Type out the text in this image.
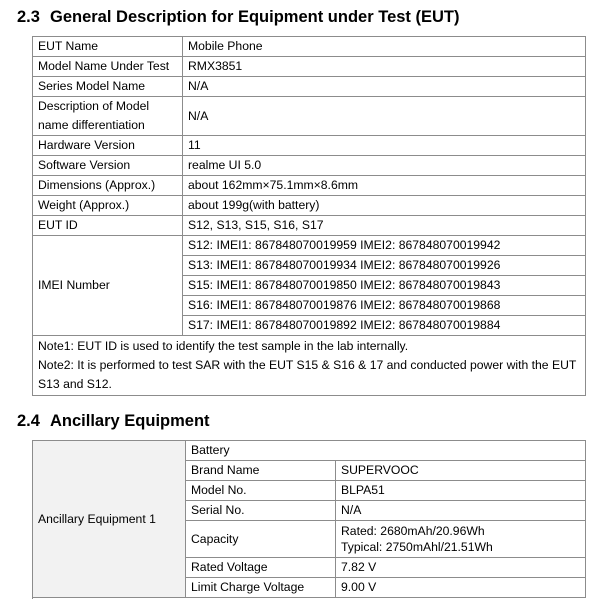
2.3 General Description for Equipment under Test (EUT)
EUT Name	Mobile Phone
Model Name Under Test	RMX3851
Series Model Name	N/A
Description of Model name differentiation	N/A
Hardware Version	11
Software Version	realme UI 5.0
Dimensions (Approx.)	about 162mm×75.1mm×8.6mm
Weight (Approx.)	about 199g(with battery)
EUT ID	S12, S13, S15, S16, S17
IMEI Number	S12: IMEI1: 867848070019959 IMEI2: 867848070019942
	S13: IMEI1: 867848070019934 IMEI2: 867848070019926
	S15: IMEI1: 867848070019850 IMEI2: 867848070019843
	S16: IMEI1: 867848070019876 IMEI2: 867848070019868
	S17: IMEI1: 867848070019892 IMEI2: 867848070019884

Note1: EUT ID is used to identify the test sample in the lab internally.
Note2: It is performed to test SAR with the EUT S15 & S16 & 17 and conducted power with the EUT S13 and S12.	
2.4 Ancillary Equipment
Ancillary Equipment 1	Battery	
	Brand Name	SUPERVOOC
	Model No.	BLPA51
	Serial No.	N/A
	Capacity	Rated: 2680mAh/20.96Wh
Typical: 2750mAhl/21.51Wh

	Rated Voltage	7.82 V
	Limit Charge Voltage	9.00 V
